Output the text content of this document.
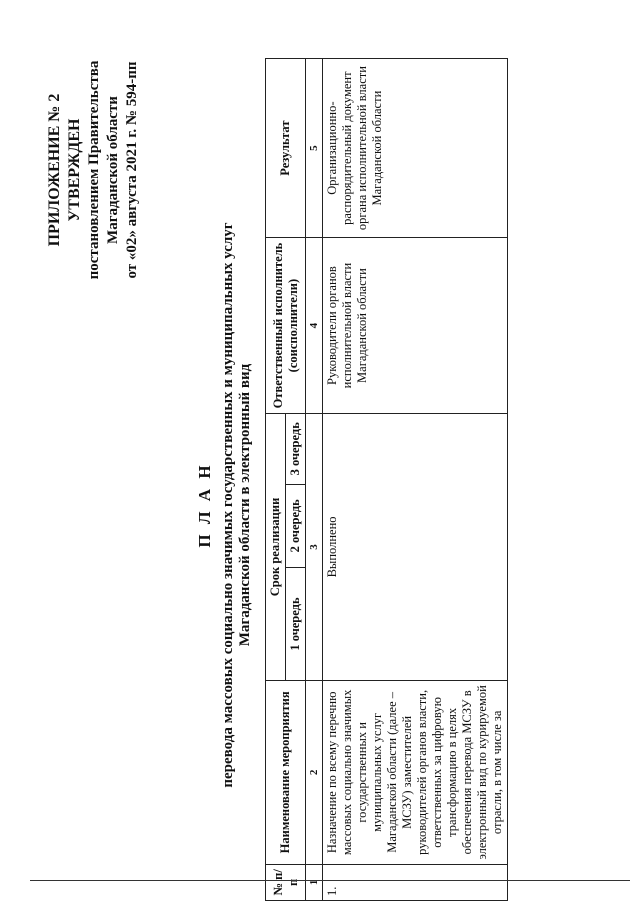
ПРИЛОЖЕНИЕ № 2 УТВЕРЖДЕН постановлением Правительства Магаданской области от «02» августа 2021 г. № 594-пп
П Л А Н перевода массовых социально значимых государственных и муниципальных услуг Магаданской области в электронный вид
№ п/п	Наименование мероприятия	Срок реализации			Ответственный исполнитель (соисполнители)	Результат
		1 очередь	2 очередь	3 очередь		
1	2	3			4	5
1.	Назначение по всему перечню массовых социально значимых государственных и муниципальных услуг Магаданской области (далее – МСЗУ) заместителей руководителей органов власти, ответственных за цифровую трансформацию в целях обеспечения перевода МСЗУ в электронный вид по курируемой отрасли, в том числе за	Выполнено			Руководители органов исполнительной власти Магаданской области	Организационно-распорядительный документ органа исполнительной власти Магаданской области
